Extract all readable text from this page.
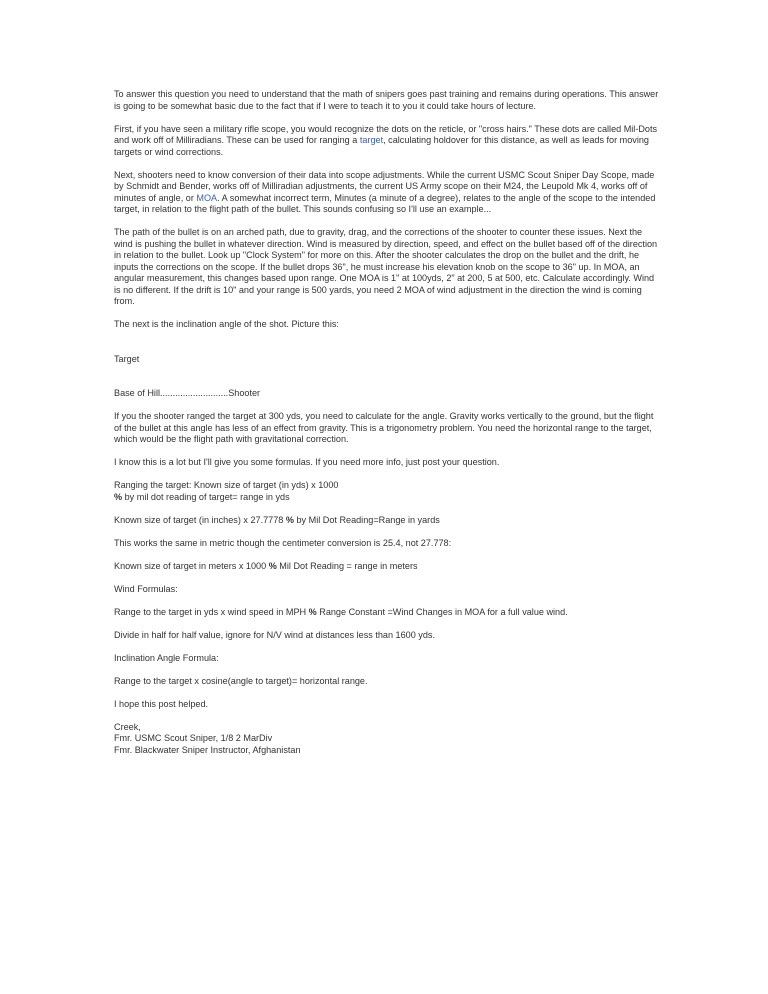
To answer this question you need to understand that the math of snipers goes past training and remains during operations. This answer is going to be somewhat basic due to the fact that if I were to teach it to you it could take hours of lecture.

First, if you have seen a military rifle scope, you would recognize the dots on the reticle, or "cross hairs." These dots are called Mil-Dots and work off of Milliradians. These can be used for ranging a target, calculating holdover for this distance, as well as leads for moving targets or wind corrections.

Next, shooters need to know conversion of their data into scope adjustments. While the current USMC Scout Sniper Day Scope, made by Schmidt and Bender, works off of Milliradian adjustments, the current US Army scope on their M24, the Leupold Mk 4, works off of minutes of angle, or MOA. A somewhat incorrect term, Minutes (a minute of a degree), relates to the angle of the scope to the intended target, in relation to the flight path of the bullet. This sounds confusing so I'll use an example...

The path of the bullet is on an arched path, due to gravity, drag, and the corrections of the shooter to counter these issues. Next the wind is pushing the bullet in whatever direction. Wind is measured by direction, speed, and effect on the bullet based off of the direction in relation to the bullet. Look up "Clock System" for more on this. After the shooter calculates the drop on the bullet and the drift, he inputs the corrections on the scope. If the bullet drops 36", he must increase his elevation knob on the scope to 36" up. In MOA, an angular measurement, this changes based upon range. One MOA is 1" at 100yds, 2" at 200, 5 at 500, etc. Calculate accordingly. Wind is no different. If the drift is 10" and your range is 500 yards, you need 2 MOA of wind adjustment in the direction the wind is coming from.

The next is the inclination angle of the shot. Picture this:

Target

Base of Hill...........................Shooter

If you the shooter ranged the target at 300 yds, you need to calculate for the angle. Gravity works vertically to the ground, but the flight of the bullet at this angle has less of an effect from gravity. This is a trigonometry problem. You need the horizontal range to the target, which would be the flight path with gravitational correction.

I know this is a lot but I'll give you some formulas. If you need more info, just post your question.

Ranging the target: Known size of target (in yds) x 1000
% by mil dot reading of target= range in yds

Known size of target (in inches) x 27.7778 % by Mil Dot Reading=Range in yards

This works the same in metric though the centimeter conversion is 25.4, not 27.778:

Known size of target in meters x 1000 % Mil Dot Reading = range in meters

Wind Formulas:

Range to the target in yds x wind speed in MPH % Range Constant =Wind Changes in MOA for a full value wind.

Divide in half for half value, ignore for N/V wind at distances less than 1600 yds.

Inclination Angle Formula:

Range to the target x cosine(angle to target)= horizontal range.

I hope this post helped.

Creek,
Fmr. USMC Scout Sniper, 1/8 2 MarDiv
Fmr. Blackwater Sniper Instructor, Afghanistan
